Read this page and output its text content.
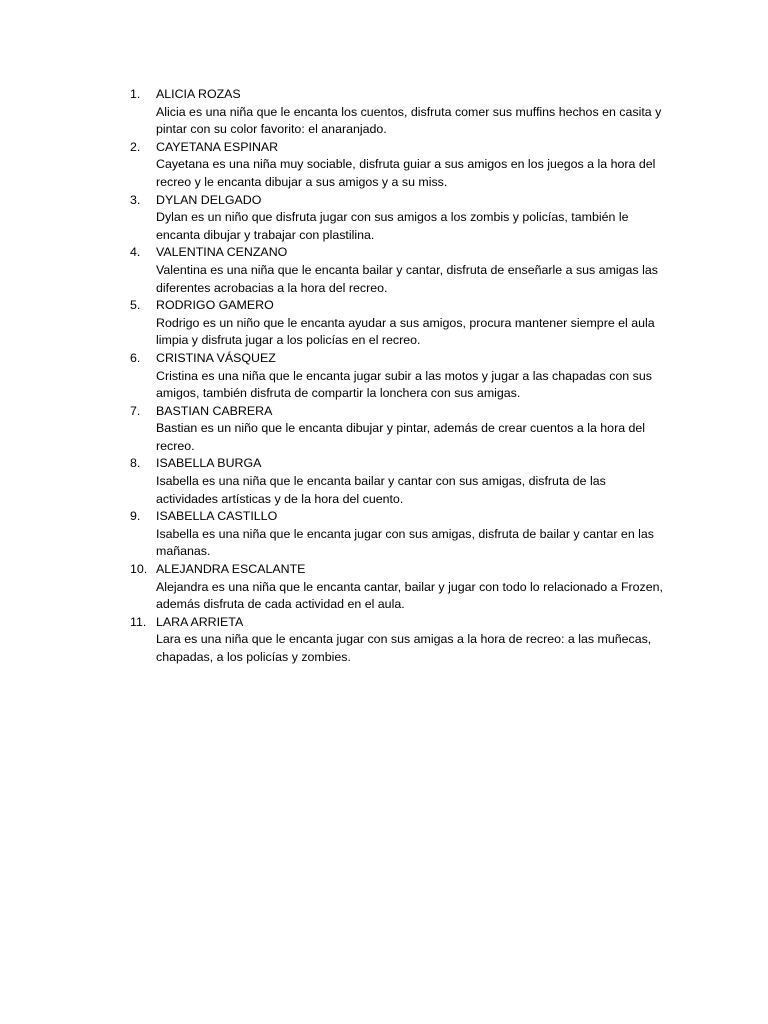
1.	ALICIA ROZAS
Alicia es una niña que le encanta los cuentos, disfruta comer sus muffins hechos en casita y pintar con su color favorito: el anaranjado.
2.	CAYETANA ESPINAR
Cayetana es una niña muy sociable, disfruta guiar a sus amigos en los juegos a la hora del recreo y le encanta dibujar a sus amigos y a su miss.
3.	DYLAN DELGADO
Dylan es un niño que disfruta jugar con sus amigos a los zombis y policías, también le encanta dibujar y trabajar con plastilina.
4.	VALENTINA CENZANO
Valentina es una niña que le encanta bailar y cantar, disfruta de enseñarle a sus amigas las diferentes acrobacias a la hora del recreo.
5.	RODRIGO GAMERO
Rodrigo es un niño que le encanta ayudar a sus amigos, procura mantener siempre el aula limpia y disfruta jugar a los policías en el recreo.
6.	CRISTINA VÁSQUEZ
Cristina es una niña que le encanta jugar subir a las motos y jugar a las chapadas con sus amigos, también disfruta de compartir la lonchera con sus amigas.
7.	BASTIAN CABRERA
Bastian es un niño que le encanta dibujar y pintar, además de crear cuentos a la hora del recreo.
8.	ISABELLA BURGA
Isabella es una niña que le encanta bailar y cantar con sus amigas, disfruta de las actividades artísticas y de la hora del cuento.
9.	ISABELLA CASTILLO
Isabella es una niña que le encanta jugar con sus amigas, disfruta de bailar y cantar en las mañanas.
10. ALEJANDRA ESCALANTE
Alejandra es una niña que le encanta cantar, bailar y jugar con todo lo relacionado a Frozen, además disfruta de cada actividad en el aula.
11. LARA ARRIETA
Lara es una niña que le encanta jugar con sus amigas a la hora de recreo: a las muñecas, chapadas, a los policías y zombies.
